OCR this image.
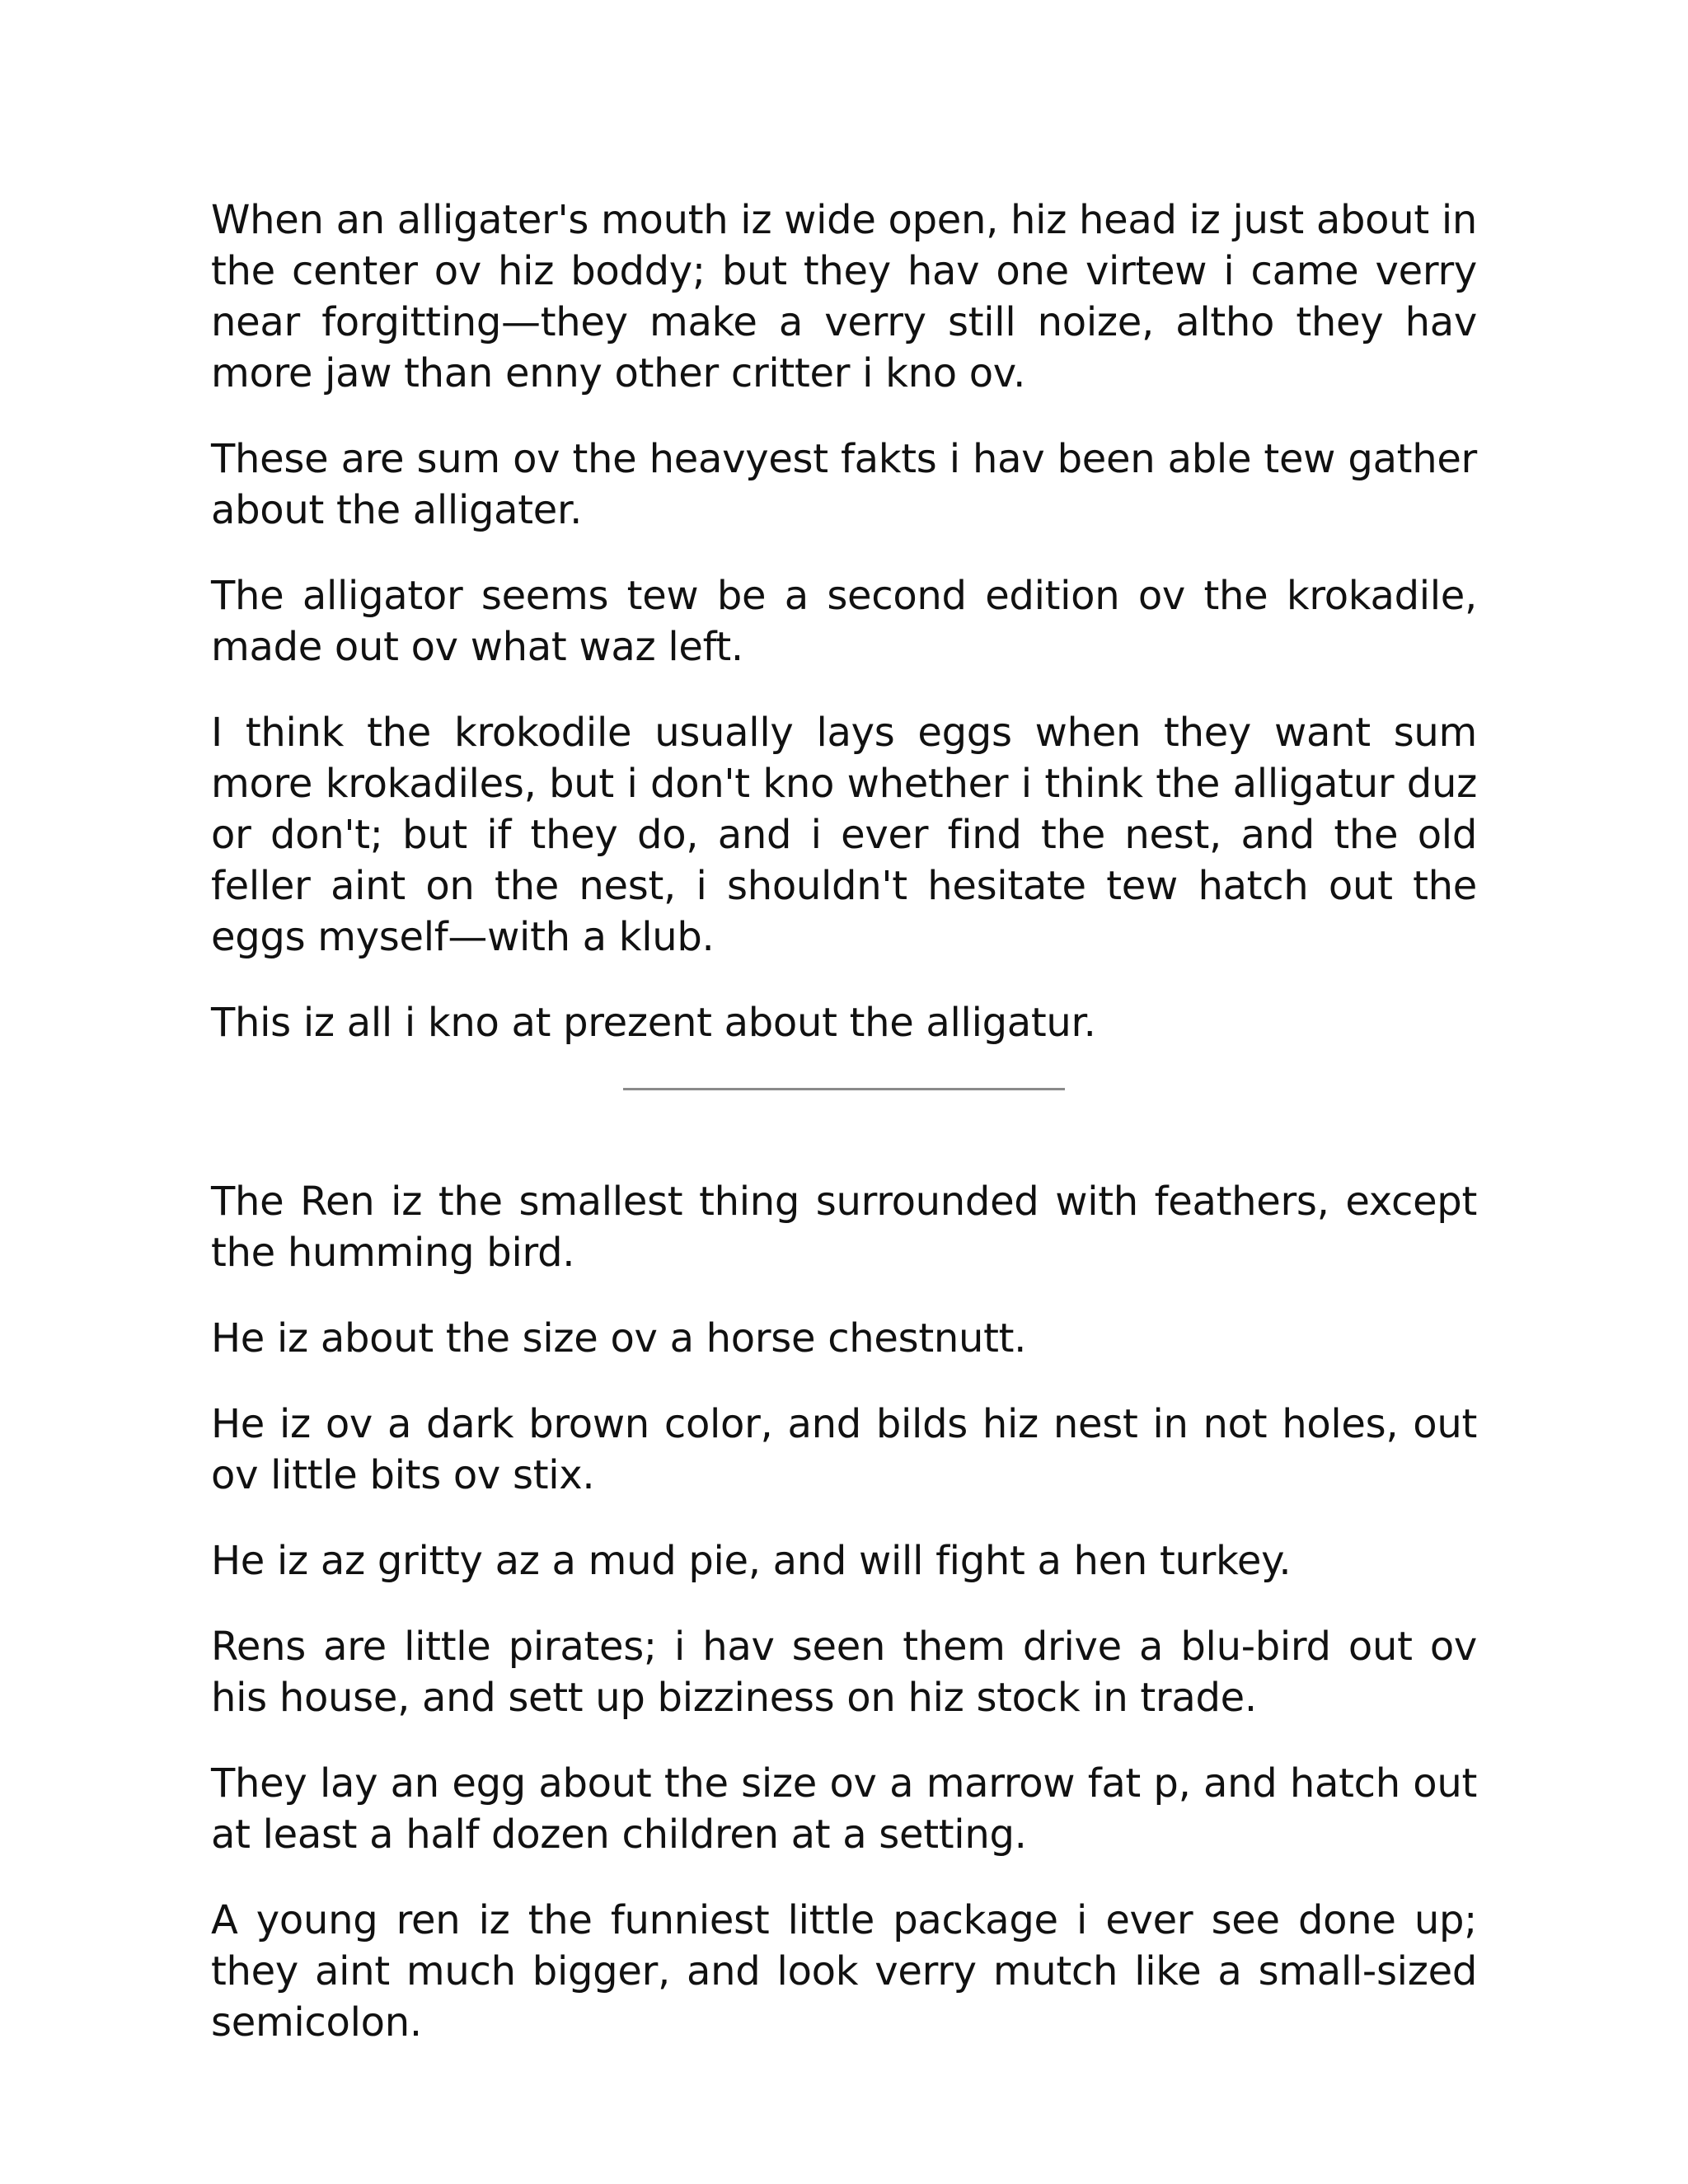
When an alligater's mouth iz wide open, hiz head iz just about in the center ov hiz boddy; but they hav one virtew i came verry near forgitting—they make a verry still noize, altho they hav more jaw than enny other critter i kno ov.

These are sum ov the heavyest fakts i hav been able tew gather about the alligater.

The alligator seems tew be a second edition ov the krokadile, made out ov what waz left.

I think the krokodile usually lays eggs when they want sum more krokadiles, but i don't kno whether i think the alligatur duz or don't; but if they do, and i ever find the nest, and the old feller aint on the nest, i shouldn't hesitate tew hatch out the eggs myself—with a klub.

This iz all i kno at prezent about the alligatur.

The Ren iz the smallest thing surrounded with feathers, except the humming bird.

He iz about the size ov a horse chestnutt.

He iz ov a dark brown color, and bilds hiz nest in not holes, out ov little bits ov stix.

He iz az gritty az a mud pie, and will fight a hen turkey.

Rens are little pirates; i hav seen them drive a blu-bird out ov his house, and sett up bizziness on hiz stock in trade.

They lay an egg about the size ov a marrow fat p, and hatch out at least a half dozen children at a setting.

A young ren iz the funniest little package i ever see done up; they aint much bigger, and look verry mutch like a small-sized semicolon.
